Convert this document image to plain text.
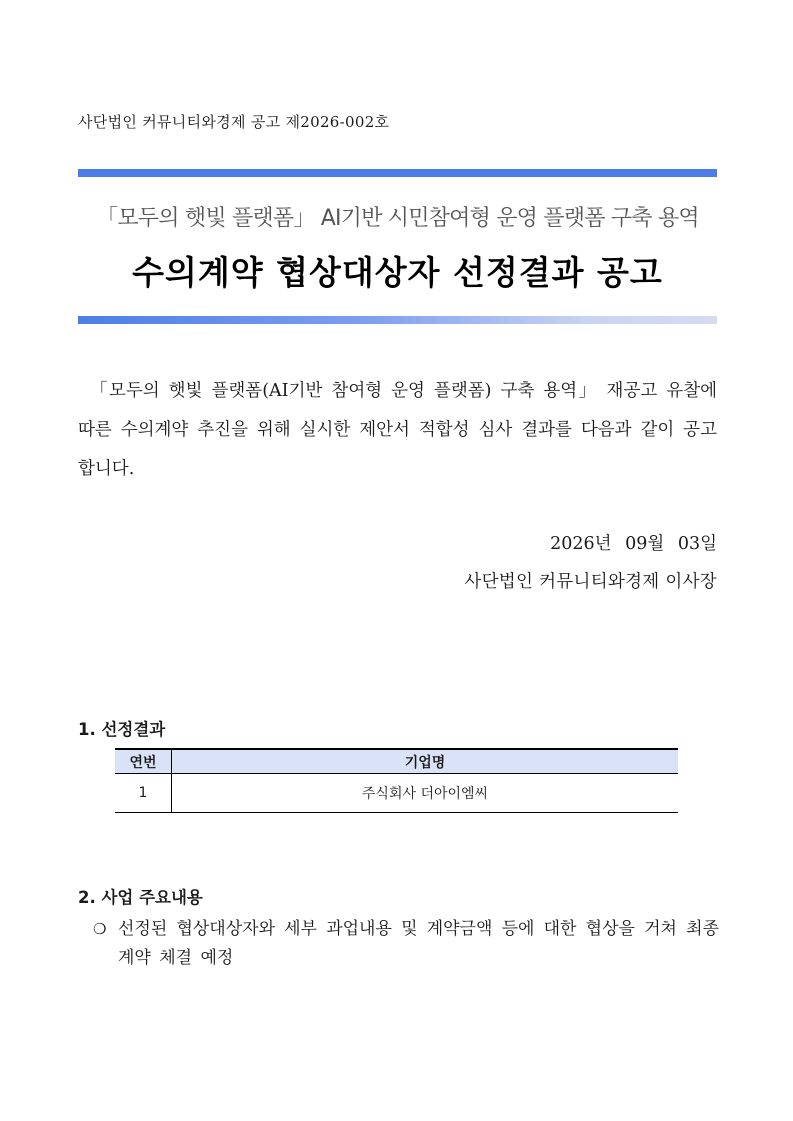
사단법인 커뮤니티와경제 공고 제2026-002호
「모두의 햇빛 플랫폼」 AI기반 시민참여형 운영 플랫폼 구축 용역
수의계약 협상대상자 선정결과 공고
「모두의 햇빛 플랫폼(AI기반 참여형 운영 플랫폼) 구축 용역」 재공고 유찰에 따른 수의계약 추진을 위해 실시한 제안서 적합성 심사 결과를 다음과 같이 공고합니다.
2026년 09월 03일
사단법인 커뮤니티와경제 이사장
1. 선정결과
연번	기업명
1	주식회사 더아이엠씨
2. 사업 주요내용
❍ 선정된 협상대상자와 세부 과업내용 및 계약금액 등에 대한 협상을 거쳐 최종 계약 체결 예정
